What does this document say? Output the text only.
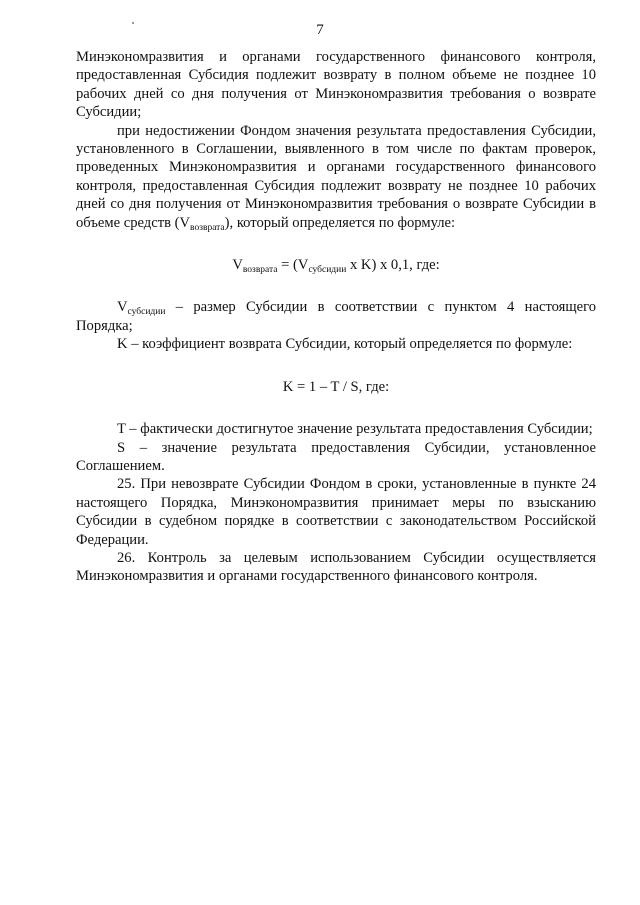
7

Минэкономразвития и органами государственного финансового контроля, предоставленная Субсидия подлежит возврату в полном объеме не позднее 10 рабочих дней со дня получения от Минэкономразвития требования о возврате Субсидии;

при недостижении Фондом значения результата предоставления Субсидии, установленного в Соглашении, выявленного в том числе по фактам проверок, проведенных Минэкономразвития и органами государственного финансового контроля, предоставленная Субсидия подлежит возврату не позднее 10 рабочих дней со дня получения от Минэкономразвития требования о возврате Субсидии в объеме средств $(V_{возврата})$, который определяется по формуле:

$V_{возврата} = (V_{субсидии}$ x K) x 0,1, где:

$V_{субсидии}$ – размер Субсидии в соответствии с пунктом 4 настоящего Порядка;

K – коэффициент возврата Субсидии, который определяется по формуле:

K = 1 – T / S, где:

T – фактически достигнутое значение результата предоставления Субсидии;

S – значение результата предоставления Субсидии, установленное Соглашением.

25. При невозврате Субсидии Фондом в сроки, установленные в пункте 24 настоящего Порядка, Минэкономразвития принимает меры по взысканию Субсидии в судебном порядке в соответствии с законодательством Российской Федерации.

26. Контроль за целевым использованием Субсидии осуществляется Минэкономразвития и органами государственного финансового контроля.
